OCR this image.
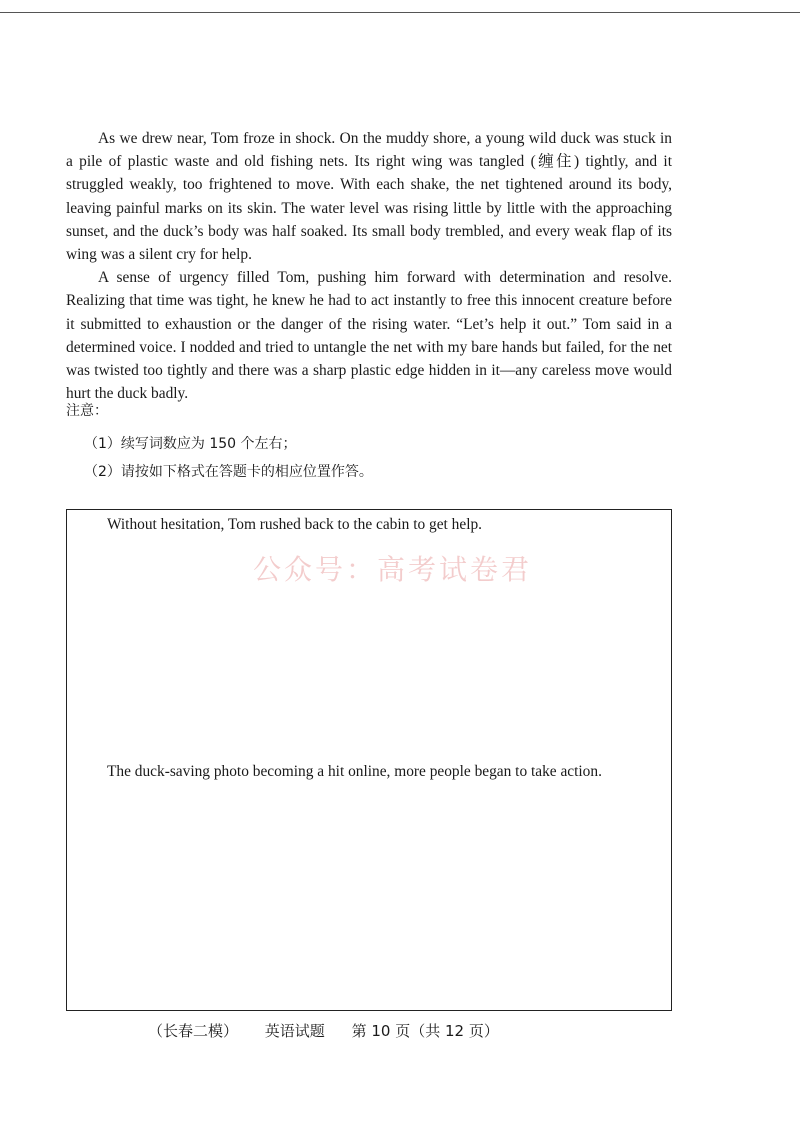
As we drew near, Tom froze in shock. On the muddy shore, a young wild duck was stuck in a pile of plastic waste and old fishing nets. Its right wing was tangled (缠住) tightly, and it struggled weakly, too frightened to move. With each shake, the net tightened around its body, leaving painful marks on its skin. The water level was rising little by little with the approaching sunset, and the duck’s body was half soaked. Its small body trembled, and every weak flap of its wing was a silent cry for help.

A sense of urgency filled Tom, pushing him forward with determination and resolve. Realizing that time was tight, he knew he had to act instantly to free this innocent creature before it submitted to exhaustion or the danger of the rising water. “Let’s help it out.” Tom said in a determined voice. I nodded and tried to untangle the net with my bare hands but failed, for the net was twisted too tightly and there was a sharp plastic edge hidden in it—any careless move would hurt the duck badly.

注意：
（1）续写词数应为 150 个左右；
（2）请按如下格式在答题卡的相应位置作答。
Without hesitation, Tom rushed back to the cabin to get help.
公众号：高考试卷君
The duck-saving photo becoming a hit online, more people began to take action.
（长春二模） 英语试题 第 10 页（共 12 页）
